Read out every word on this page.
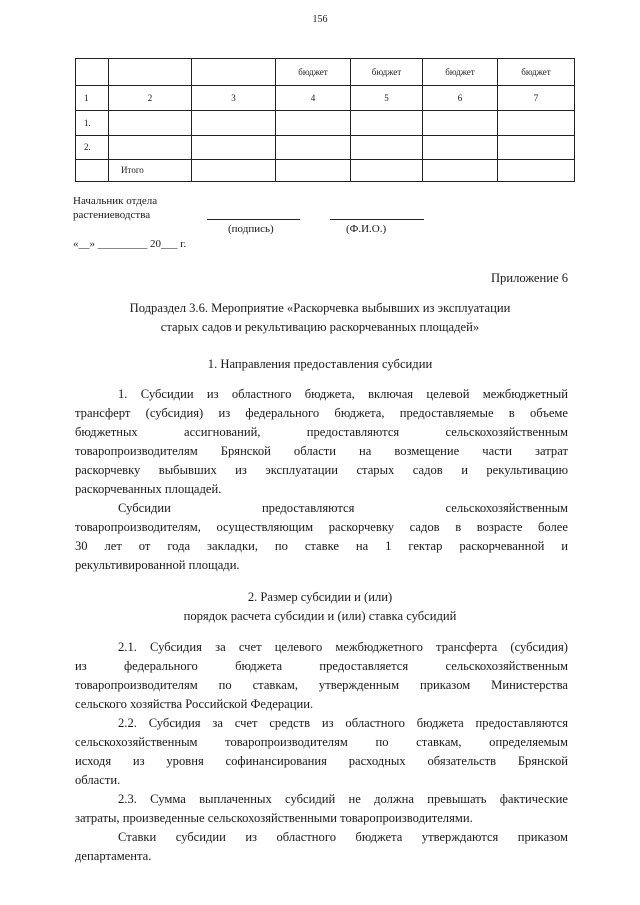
156
			бюджет	бюджет	бюджет	бюджет
1	2	3	4	5	6	7
1.						
2.						
	Итого					
Начальник отдела
растениеводства
(подпись)	(Ф.И.О.)
«__» _________ 20___ г.
Приложение 6
Подраздел 3.6. Мероприятие «Раскорчевка выбывших из эксплуатации
старых садов и рекультивацию раскорчеванных площадей»
1. Направления предоставления субсидии
1. Субсидии из областного бюджета, включая целевой межбюджетный
трансферт (субсидия) из федерального бюджета, предоставляемые в объеме
бюджетных ассигнований, предоставляются сельскохозяйственным
товаропроизводителям Брянской области на возмещение части затрат
раскорчевку выбывших из эксплуатации старых садов и рекультивацию
раскорчеванных площадей.
Субсидии предоставляются сельскохозяйственным
товаропроизводителям, осуществляющим раскорчевку садов в возрасте более
30 лет от года закладки, по ставке на 1 гектар раскорчеванной и
рекультивированной площади.
2. Размер субсидии и (или)
порядок расчета субсидии и (или) ставка субсидий
2.1. Субсидия за счет целевого межбюджетного трансферта (субсидия)
из федерального бюджета предоставляется сельскохозяйственным
товаропроизводителям по ставкам, утвержденным приказом Министерства
сельского хозяйства Российской Федерации.
2.2. Субсидия за счет средств из областного бюджета предоставляются
сельскохозяйственным товаропроизводителям по ставкам, определяемым
исходя из уровня софинансирования расходных обязательств Брянской
области.
2.3. Сумма выплаченных субсидий не должна превышать фактические
затраты, произведенные сельскохозяйственными товаропроизводителями.
Ставки субсидии из областного бюджета утверждаются приказом
департамента.
